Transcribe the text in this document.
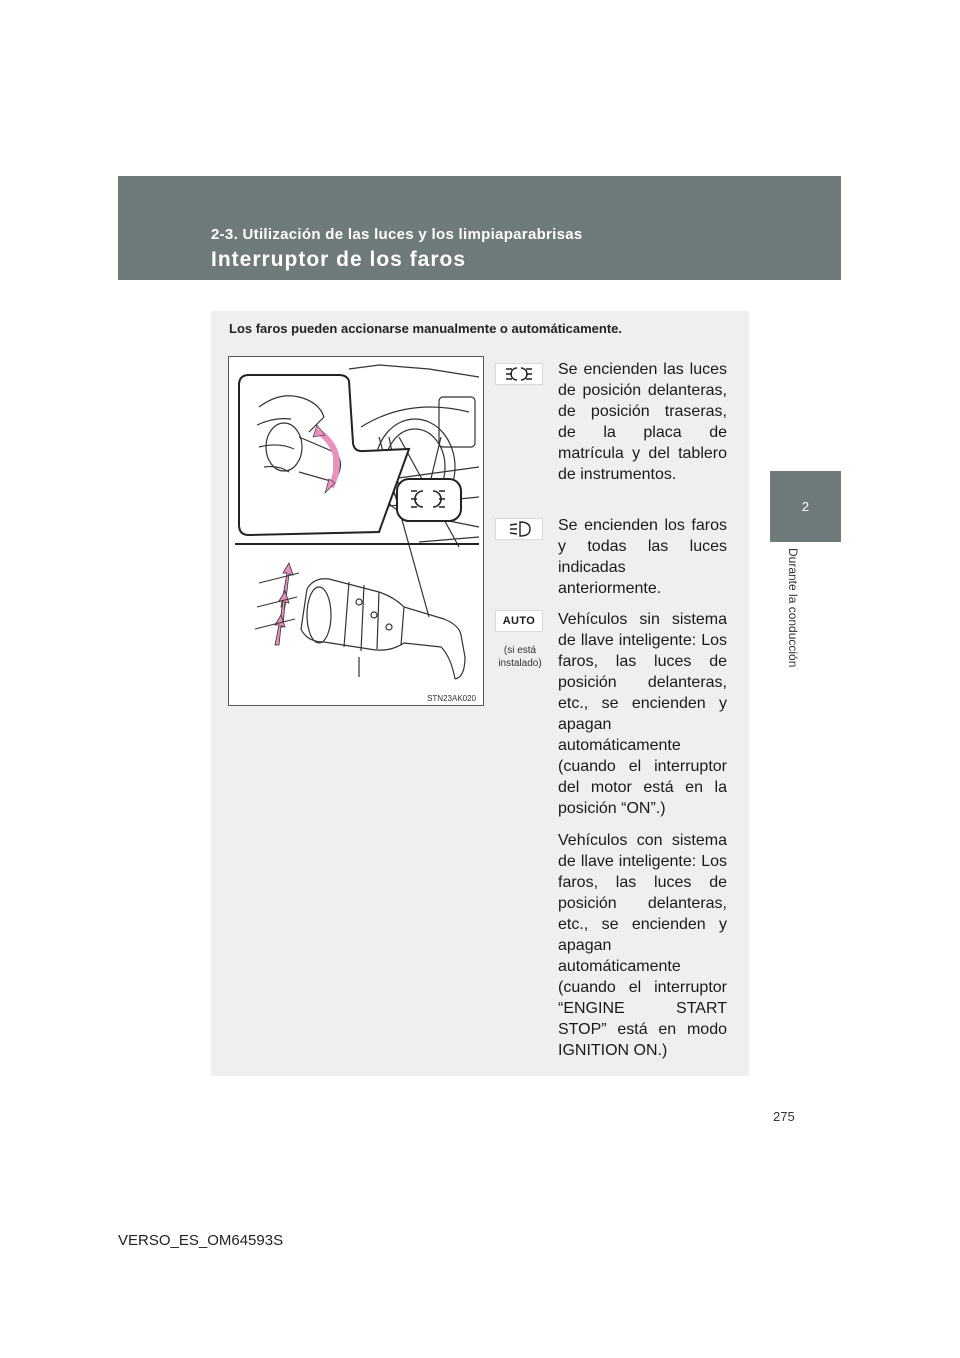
2-3. Utilización de las luces y los limpiaparabrisas
Interruptor de los faros
2
Durante la conducción
Los faros pueden accionarse manualmente o automáticamente.
STN23AK020
Se encienden las luces de posición delanteras, de posición traseras, de la placa de matrícula y del tablero de instrumentos.
Se encienden los faros y todas las luces indicadas anteriormente.
AUTO
(si está instalado)
Vehículos sin sistema de llave inteligente: Los faros, las luces de posición delanteras, etc., se encienden y apagan automáticamente (cuando el interruptor del motor está en la posición “ON”.)
Vehículos con sistema de llave inteligente: Los faros, las luces de posición delanteras, etc., se encienden y apagan automáticamente (cuando el interruptor “ENGINE START STOP” está en modo IGNITION ON.)
275
VERSO_ES_OM64593S
